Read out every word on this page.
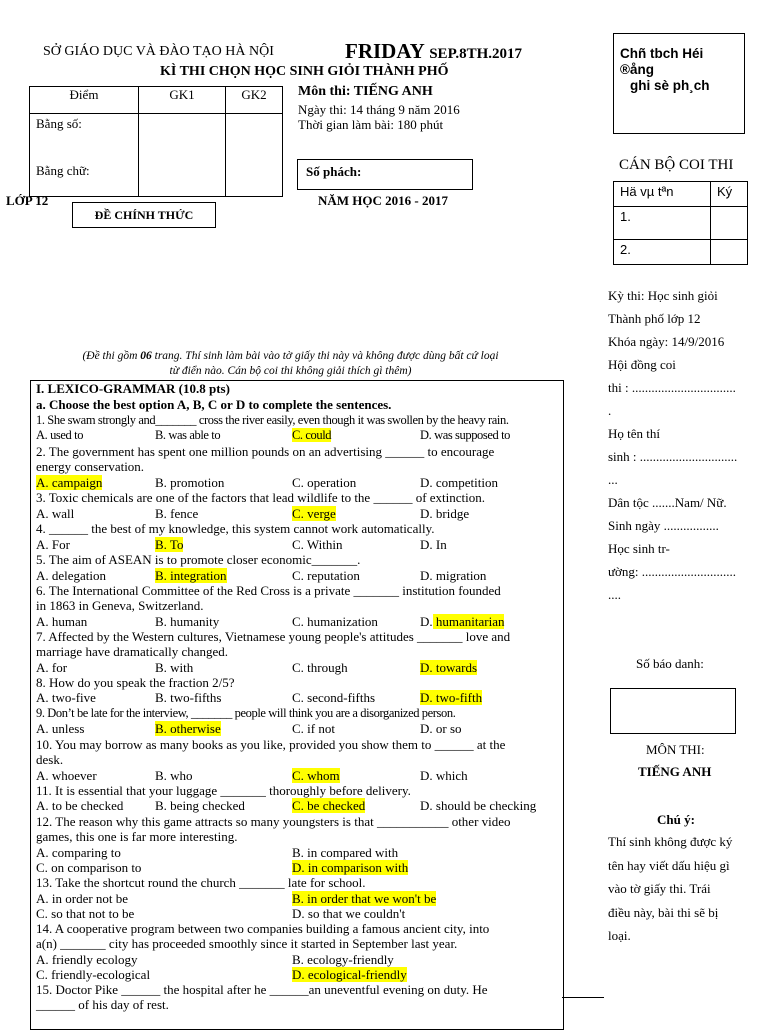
SỞ GIÁO DỤC VÀ ĐÀO TẠO HÀ NỘI	FRIDAY SEP.8TH.2017
KÌ THI CHỌN HỌC SINH GIỎI THÀNH PHỐ
Điểm	GK1	GK2

Bằng số:
Bằng chữ:		

Môn thi: TIẾNG ANH
Ngày thi: 14 tháng 9 năm 2016
Thời gian làm bài: 180 phút
Số phách:
LỚP 12	NĂM HỌC 2016 - 2017
ĐỀ CHÍNH THỨC
(Đề thi gồm 06 trang. Thí sinh làm bài vào tờ giấy thi này và không được dùng bất cứ loại từ điển nào. Cán bộ coi thi không giải thích gì thêm)
I. LEXICO-GRAMMAR (10.8 pts)
a. Choose the best option A, B, C or D to complete the sentences.
1. She swam strongly and_______ cross the river easily, even though it was swollen by the heavy rain.
A. used to	B. was able to	C. could	D. was supposed to
2. The government has spent one million pounds on an advertising ______ to encourage
energy conservation.
A. campaign	B. promotion	C. operation	D. competition
3. Toxic chemicals are one of the factors that lead wildlife to the ______ of extinction.
A. wall	B. fence	C. verge	D. bridge
4. ______ the best of my knowledge, this system cannot work automatically.
A. For	B. To	C. Within	D. In
5. The aim of ASEAN is to promote closer economic_______.
A. delegation	B. integration	C. reputation	D. migration
6. The International Committee of the Red Cross is a private _______ institution founded
in 1863 in Geneva, Switzerland.
A. human	B. humanity	C. humanization	D. humanitarian
7. Affected by the Western cultures, Vietnamese young people's attitudes _______ love and
marriage have dramatically changed.
A. for	B. with	C. through	D. towards
8. How do you speak the fraction 2/5?
A. two-five	B. two-fifths	C. second-fifths	D. two-fifth
9. Don’t be late for the interview, _______ people will think you are a disorganized person.
A. unless	B. otherwise	C. if not	D. or so
10. You may borrow as many books as you like, provided you show them to ______ at the
desk.
A. whoever	B. who	C. whom	D. which
11. It is essential that your luggage _______ thoroughly before delivery.
A. to be checked B. being checked	C. be checked	D. should be checking
12. The reason why this game attracts so many youngsters is that ___________ other video
games, this one is far more interesting.
A. comparing to	B. in compared with
C. on comparison to	D. in comparison with
13. Take the shortcut round the church _______ late for school.
A. in order not be	B. in order that we won't be
C. so that not to be	D. so that we couldn't
14. A cooperative program between two companies building a famous ancient city, into
a(n) _______ city has proceeded smoothly since it started in September last year.
A. friendly ecology	B. ecology-friendly
C. friendly-ecological	D. ecological-friendly
15. Doctor Pike ______ the hospital after he ______an uneventful evening on duty. He
______ of his day of rest.
Chñ tbch Héi
®ång
ghi sè ph¸ch
CÁN BỘ COI THI
Hä vµ tªn	Ký
1.	
2.	
Kỳ thi: Học sinh giỏi
Thành phố lớp 12
Khóa ngày: 14/9/2016
Hội đồng coi
thi : ................................
.
Họ tên thí
sinh : ..............................
...
Dân tộc .......Nam/ Nữ.
Sinh ngày .................
Học sinh tr-
ường: .............................
....
Số báo danh:
MÔN THI:
TIẾNG ANH
Chú ý:
Thí sinh không được ký
tên hay viết dấu hiệu gì
vào tờ giấy thi. Trái
điều này, bài thi sẽ bị
loại.
